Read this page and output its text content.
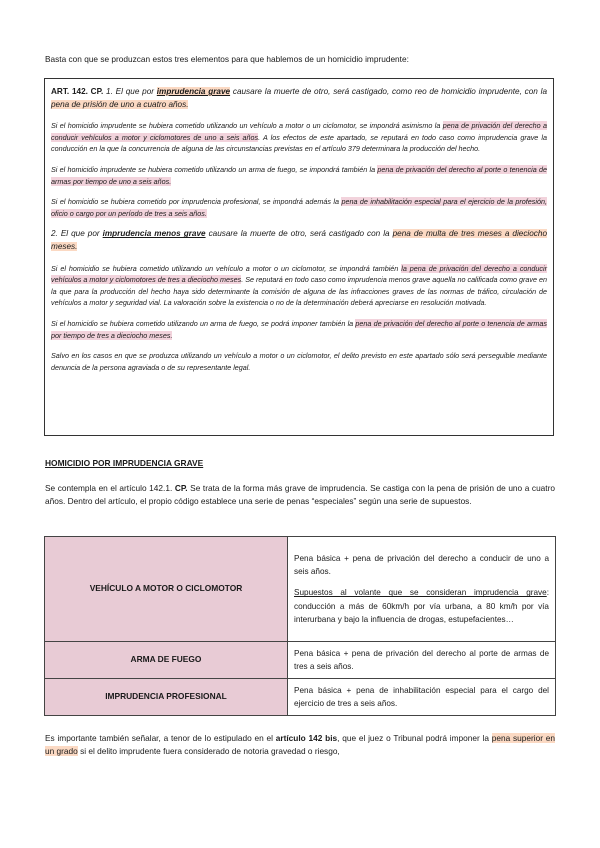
Basta con que se produzcan estos tres elementos para que hablemos de un homicidio imprudente:

ART. 142. CP. 1. El que por imprudencia grave causare la muerte de otro, será castigado, como reo de homicidio imprudente, con la pena de prisión de uno a cuatro años.

Si el homicidio imprudente se hubiera cometido utilizando un vehículo a motor o un ciclomotor, se impondrá asimismo la pena de privación del derecho a conducir vehículos a motor y ciclomotores de uno a seis años. A los efectos de este apartado, se reputará en todo caso como imprudencia grave la conducción en la que la concurrencia de alguna de las circunstancias previstas en el artículo 379 determinara la producción del hecho.

Si el homicidio imprudente se hubiera cometido utilizando un arma de fuego, se impondrá también la pena de privación del derecho al porte o tenencia de armas por tiempo de uno a seis años.

Si el homicidio se hubiera cometido por imprudencia profesional, se impondrá además la pena de inhabilitación especial para el ejercicio de la profesión, oficio o cargo por un período de tres a seis años.

2. El que por imprudencia menos grave causare la muerte de otro, será castigado con la pena de multa de tres meses a dieciocho meses.

Si el homicidio se hubiera cometido utilizando un vehículo a motor o un ciclomotor, se impondrá también la pena de privación del derecho a conducir vehículos a motor y ciclomotores de tres a dieciocho meses. Se reputará en todo caso como imprudencia menos grave aquella no calificada como grave en la que para la producción del hecho haya sido determinante la comisión de alguna de las infracciones graves de las normas de tráfico, circulación de vehículos a motor y seguridad vial. La valoración sobre la existencia o no de la determinación deberá apreciarse en resolución motivada.

Si el homicidio se hubiera cometido utilizando un arma de fuego, se podrá imponer también la pena de privación del derecho al porte o tenencia de armas por tiempo de tres a dieciocho meses.

Salvo en los casos en que se produzca utilizando un vehículo a motor o un ciclomotor, el delito previsto en este apartado sólo será perseguible mediante denuncia de la persona agraviada o de su representante legal.

HOMICIDIO POR IMPRUDENCIA GRAVE
Se contempla en el artículo 142.1. CP. Se trata de la forma más grave de imprudencia. Se castiga con la pena de prisión de uno a cuatro años. Dentro del artículo, el propio código establece una serie de penas “especiales” según una serie de supuestos.
VEHÍCULO A MOTOR O CICLOMOTOR	Pena básica + pena de privación del derecho a conducir de uno a seis años.
Supuestos al volante que se consideran imprudencia grave: conducción a más de 60km/h por vía urbana, a 80 km/h por vía interurbana y bajo la influencia de drogas, estupefacientes…

ARMA DE FUEGO	Pena básica + pena de privación del derecho al porte de armas de tres a seis años.
IMPRUDENCIA PROFESIONAL	Pena básica + pena de inhabilitación especial para el cargo del ejercicio de tres a seis años.
Es importante también señalar, a tenor de lo estipulado en el artículo 142 bis, que el juez o Tribunal podrá imponer la pena superior en un grado si el delito imprudente fuera considerado de notoria gravedad o riesgo,
